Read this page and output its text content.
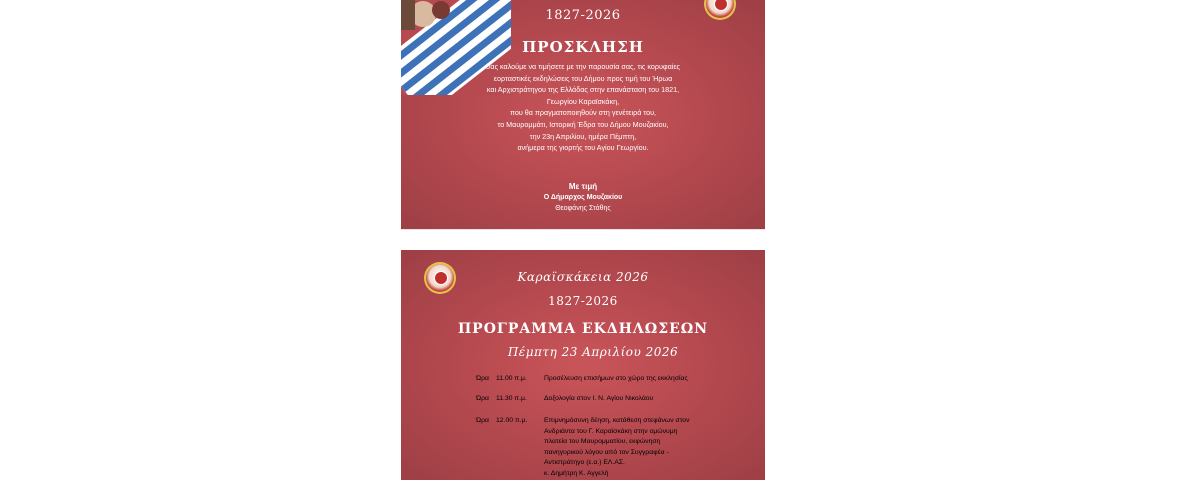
1827-2026
ΠΡΟΣΚΛΗΣΗ
σας καλούμε να τιμήσετε με την παρουσία σας, τις κορυφαίες
εορταστικές εκδηλώσεις του Δήμου προς τιμή του Ήρωα
και Αρχιστράτηγου της Ελλάδας στην επανάσταση του 1821,
Γεωργίου Καραϊσκάκη,
που θα πραγματοποιηθούν στη γενέτειρά του,
το Μαυρομμάτι, Ιστορική Έδρα του Δήμου Μουζακίου,
την 23η Απριλίου, ημέρα Πέμπτη,
ανήμερα της γιορτής του Αγίου Γεωργίου.
Με τιμή
Ο Δήμαρχος Μουζακίου
Θεοφάνης Στάθης
Καραϊσκάκεια 2026
1827-2026
ΠΡΟΓΡΑΜΜΑ ΕΚΔΗΛΩΣΕΩΝ
Πέμπτη 23 Απριλίου 2026
Ώρα	11.00 π.μ.	Προσέλευση επισήμων στο χώρο της εκκλησίας
Ώρα	11.30 π.μ.	Δοξολογία στον Ι. Ν. Αγίου Νικολάου
Ώρα	12.00 π.μ.	Επιμνημόσυνη δέηση, κατάθεση στεφάνων στον
Ανδριάντα του Γ. Καραϊσκάκη στην ομώνυμη
πλατεία του Μαυρομματίου, εκφώνηση
πανηγυρικού λόγου από τον Συγγραφέα -
Αντιστράτηγο (ε.α.) ΕΛ.ΑΣ.
κ. Δημήτρη Κ. Αγγελή
